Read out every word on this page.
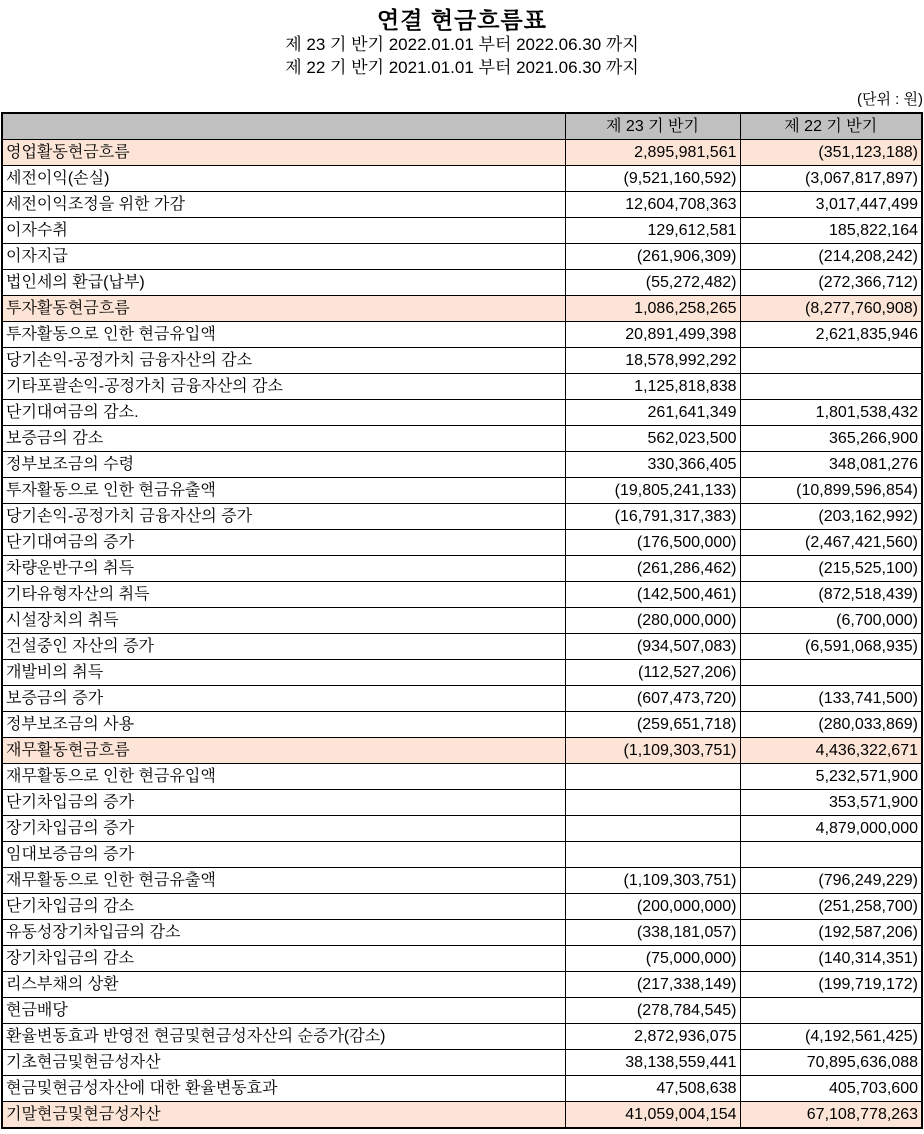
연결 현금흐름표
제 23 기 반기 2022.01.01 부터 2022.06.30 까지
제 22 기 반기 2021.01.01 부터 2021.06.30 까지
(단위 : 원)
	제 23 기 반기	제 22 기 반기
영업활동현금흐름	2,895,981,561	(351,123,188)
세전이익(손실)	(9,521,160,592)	(3,067,817,897)
세전이익조정을 위한 가감	12,604,708,363	3,017,447,499
이자수취	129,612,581	185,822,164
이자지급	(261,906,309)	(214,208,242)
법인세의 환급(납부)	(55,272,482)	(272,366,712)
투자활동현금흐름	1,086,258,265	(8,277,760,908)
투자활동으로 인한 현금유입액	20,891,499,398	2,621,835,946
당기손익-공정가치 금융자산의 감소	18,578,992,292	
기타포괄손익-공정가치 금융자산의 감소	1,125,818,838	
단기대여금의 감소.	261,641,349	1,801,538,432
보증금의 감소	562,023,500	365,266,900
정부보조금의 수령	330,366,405	348,081,276
투자활동으로 인한 현금유출액	(19,805,241,133)	(10,899,596,854)
당기손익-공정가치 금융자산의 증가	(16,791,317,383)	(203,162,992)
단기대여금의 증가	(176,500,000)	(2,467,421,560)
차량운반구의 취득	(261,286,462)	(215,525,100)
기타유형자산의 취득	(142,500,461)	(872,518,439)
시설장치의 취득	(280,000,000)	(6,700,000)
건설중인 자산의 증가	(934,507,083)	(6,591,068,935)
개발비의 취득	(112,527,206)	
보증금의 증가	(607,473,720)	(133,741,500)
정부보조금의 사용	(259,651,718)	(280,033,869)
재무활동현금흐름	(1,109,303,751)	4,436,322,671
재무활동으로 인한 현금유입액		5,232,571,900
단기차입금의 증가		353,571,900
장기차입금의 증가		4,879,000,000
임대보증금의 증가		
재무활동으로 인한 현금유출액	(1,109,303,751)	(796,249,229)
단기차입금의 감소	(200,000,000)	(251,258,700)
유동성장기차입금의 감소	(338,181,057)	(192,587,206)
장기차입금의 감소	(75,000,000)	(140,314,351)
리스부채의 상환	(217,338,149)	(199,719,172)
현금배당	(278,784,545)	
환율변동효과 반영전 현금및현금성자산의 순증가(감소)	2,872,936,075	(4,192,561,425)
기초현금및현금성자산	38,138,559,441	70,895,636,088
현금및현금성자산에 대한 환율변동효과	47,508,638	405,703,600
기말현금및현금성자산	41,059,004,154	67,108,778,263
